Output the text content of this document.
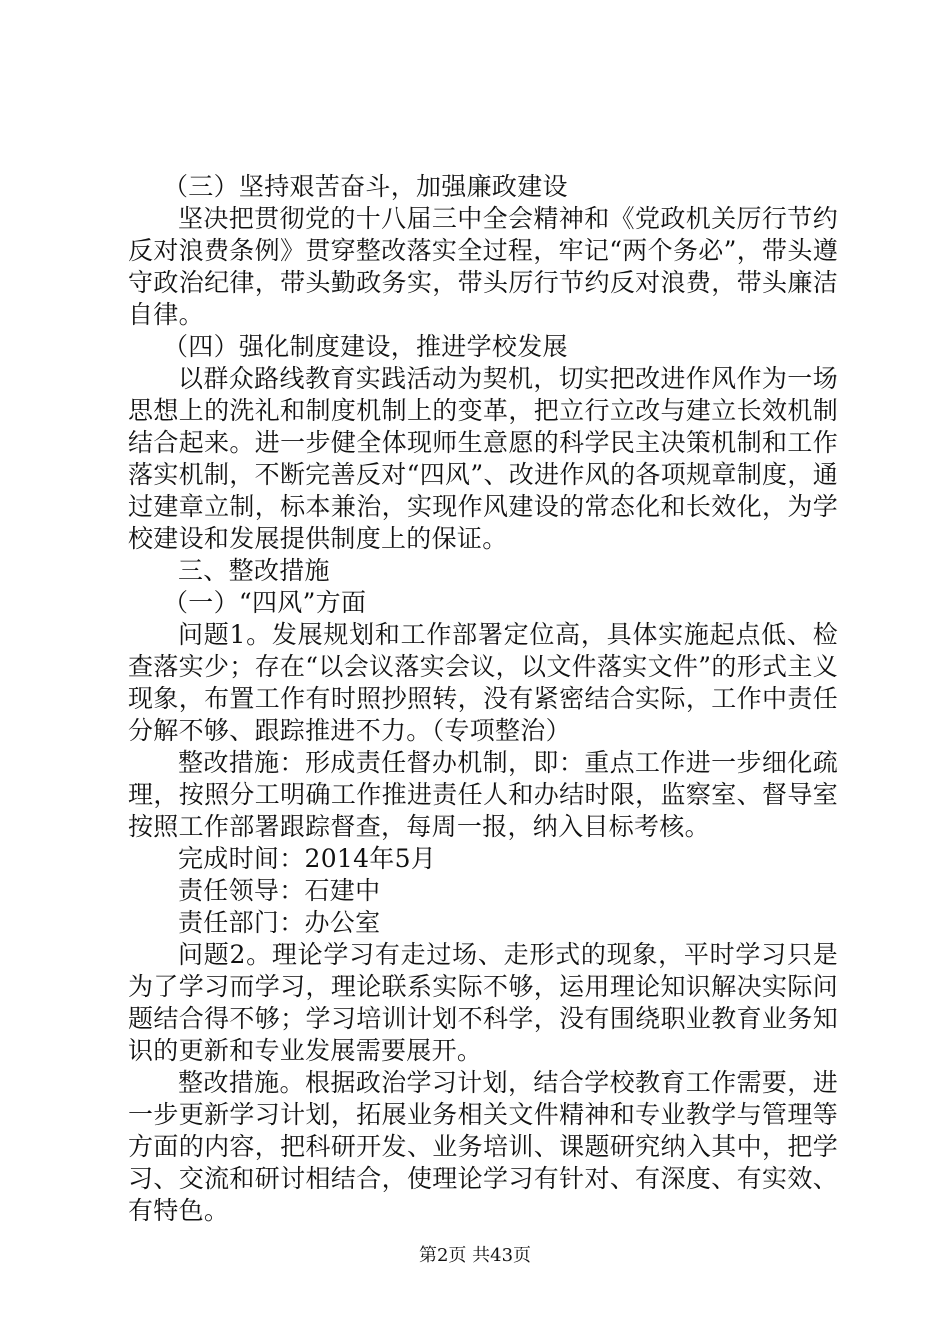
（三）坚持艰苦奋斗，加强廉政建设

坚决把贯彻党的十八届三中全会精神和《党政机关厉行节约反对浪费条例》贯穿整改落实全过程，牢记“两个务必”，带头遵守政治纪律，带头勤政务实，带头厉行节约反对浪费，带头廉洁自律。

（四）强化制度建设，推进学校发展

以群众路线教育实践活动为契机，切实把改进作风作为一场思想上的洗礼和制度机制上的变革，把立行立改与建立长效机制结合起来。进一步健全体现师生意愿的科学民主决策机制和工作落实机制，不断完善反对“四风”、改进作风的各项规章制度，通过建章立制，标本兼治，实现作风建设的常态化和长效化，为学校建设和发展提供制度上的保证。

三、整改措施

（一）“四风”方面

问题1。发展规划和工作部署定位高，具体实施起点低、检查落实少；存在“以会议落实会议，以文件落实文件”的形式主义现象，布置工作有时照抄照转，没有紧密结合实际，工作中责任分解不够、跟踪推进不力。（专项整治）

整改措施：形成责任督办机制，即：重点工作进一步细化疏理，按照分工明确工作推进责任人和办结时限，监察室、督导室按照工作部署跟踪督查，每周一报，纳入目标考核。

完成时间：2014年5月

责任领导：石建中

责任部门：办公室

问题2。理论学习有走过场、走形式的现象，平时学习只是为了学习而学习，理论联系实际不够，运用理论知识解决实际问题结合得不够；学习培训计划不科学，没有围绕职业教育业务知识的更新和专业发展需要展开。

整改措施。根据政治学习计划，结合学校教育工作需要，进一步更新学习计划，拓展业务相关文件精神和专业教学与管理等方面的内容，把科研开发、业务培训、课题研究纳入其中，把学习、交流和研讨相结合，使理论学习有针对、有深度、有实效、有特色。

第2页 共43页
